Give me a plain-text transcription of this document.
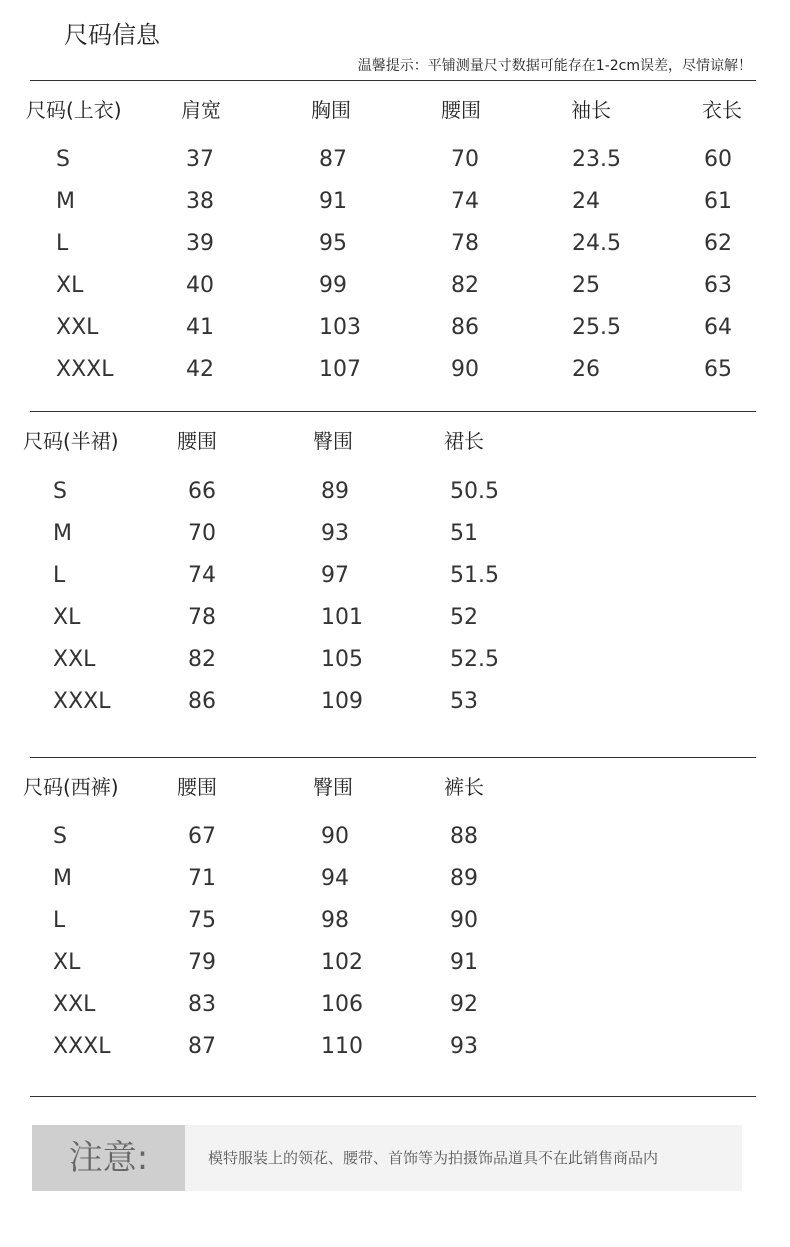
尺码信息
温馨提示：平铺测量尺寸数据可能存在1-2cm误差，尽情谅解！
尺码(上衣)	肩宽	胸围	腰围	袖长	衣长
S	37	87	70	23.5	60
M	38	91	74	24	61
L	39	95	78	24.5	62
XL	40	99	82	25	63
XXL	41	103	86	25.5	64
XXXL	42	107	90	26	65
尺码(半裙)	腰围	臀围	裙长
S	66	89	50.5
M	70	93	51
L	74	97	51.5
XL	78	101	52
XXL	82	105	52.5
XXXL	86	109	53
尺码(西裤)	腰围	臀围	裤长
S	67	90	88
M	71	94	89
L	75	98	90
XL	79	102	91
XXL	83	106	92
XXXL	87	110	93
注意:	模特服装上的领花、腰带、首饰等为拍摄饰品道具不在此销售商品内
